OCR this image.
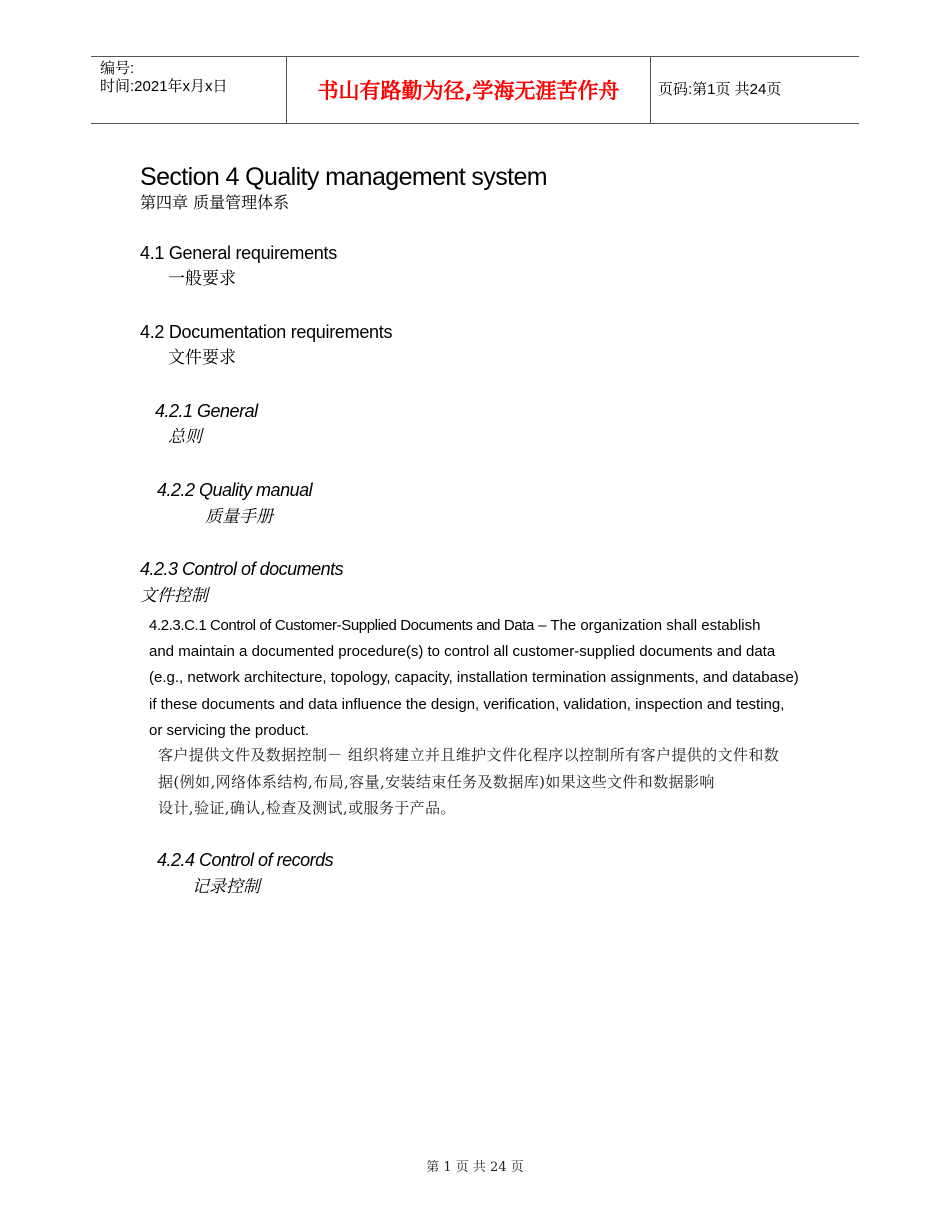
编号:
时间:2021年x月x日	书山有路勤为径,学海无涯苦作舟	页码:第1页 共24页
Section 4 Quality management system
第四章 质量管理体系
4.1 General requirements
一般要求
4.2 Documentation requirements
文件要求
4.2.1 General
总则
4.2.2 Quality manual
质量手册
4.2.3 Control of documents
文件控制
4.2.3.C.1 Control of Customer-Supplied Documents and Data – The organization shall establish
and maintain a documented procedure(s) to control all customer-supplied documents and data
(e.g., network architecture, topology, capacity, installation termination assignments, and database)
if these documents and data influence the design, verification, validation, inspection and testing,
or servicing the product.
客户提供文件及数据控制－ 组织将建立并且维护文件化程序以控制所有客户提供的文件和数
据(例如,网络体系结构,布局,容量,安装结束任务及数据库)如果这些文件和数据影响
设计,验证,确认,检查及测试,或服务于产品。
4.2.4 Control of records
记录控制
第 1 页 共 24 页
